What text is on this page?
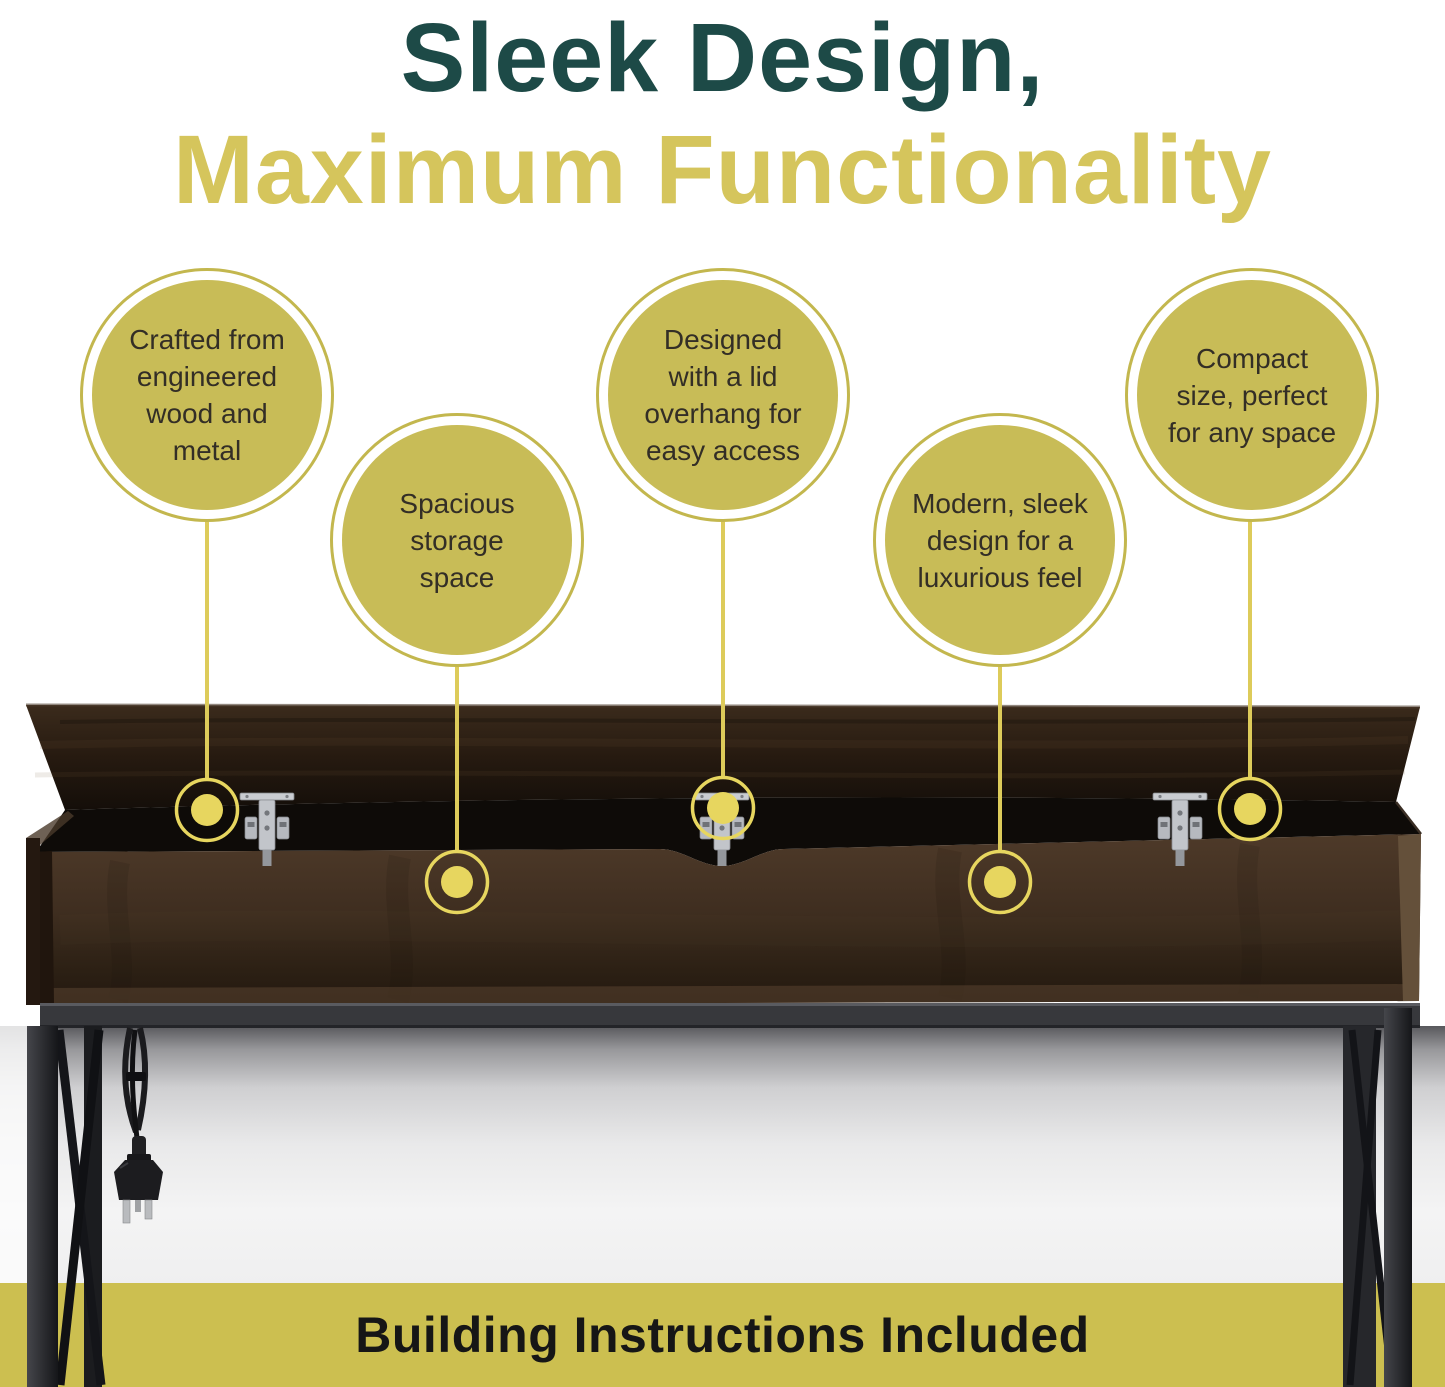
Building Instructions Included
Sleek Design,
Maximum Functionality
Crafted from
engineered
wood and
metal
Spacious
storage
space
Designed
with a lid
overhang for
easy access
Modern, sleek
design for a
luxurious feel
Compact
size, perfect
for any space
